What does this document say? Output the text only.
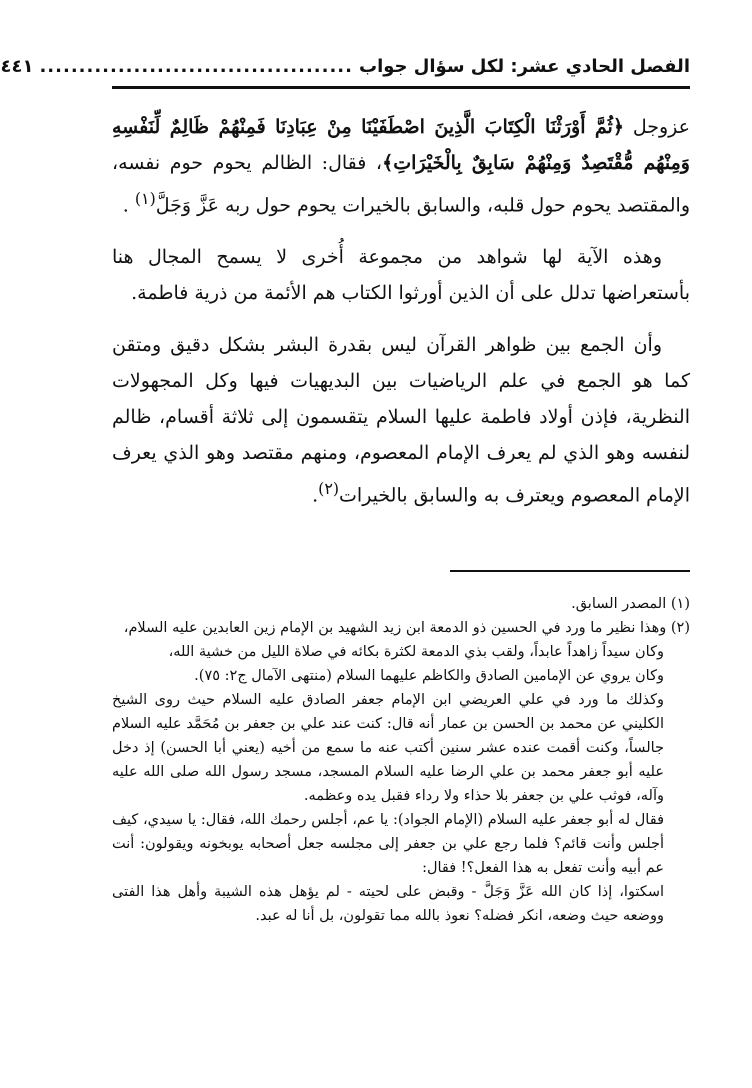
الفصل الحادي عشر: لكل سؤال جواب
........................................
٤٤١

عزوجل ﴿ثُمَّ أَوْرَثْنَا الْكِتَابَ الَّذِينَ اصْطَفَيْنَا مِنْ عِبَادِنَا فَمِنْهُمْ ظَالِمٌ لِّنَفْسِهِ وَمِنْهُم مُّقْتَصِدٌ وَمِنْهُمْ سَابِقٌ بِالْخَيْرَاتِ﴾، فقال: الظالم يحوم حوم نفسه، والمقتصد يحوم حول قلبه، والسابق بالخيرات يحوم حول ربه عَزَّ وَجَلَّ$^{(١)}$ .

وهذه الآية لها شواهد من مجموعة أُخرى لا يسمح المجال هنا بأستعراضها تدلل على أن الذين أورثوا الكتاب هم الأئمة من ذرية فاطمة.

وأن الجمع بين ظواهر القرآن ليس بقدرة البشر بشكل دقيق ومتقن كما هو الجمع في علم الرياضيات بين البديهيات فيها وكل المجهولات النظرية، فإذن أولاد فاطمة عليها السلام يتقسمون إلى ثلاثة أقسام، ظالم لنفسه وهو الذي لم يعرف الإمام المعصوم، ومنهم مقتصد وهو الذي يعرف الإمام المعصوم ويعترف به والسابق بالخيرات$^{(٢)}$.

(١) المصدر السابق.

(٢) وهذا نظير ما ورد في الحسين ذو الدمعة ابن زيد الشهيد بن الإمام زين العابدين عليه السلام،

وكان سيداً زاهداً عابداً، ولقب بذي الدمعة لكثرة بكائه في صلاة الليل من خشية الله،

وكان يروي عن الإمامين الصادق والكاظم عليهما السلام (منتهى الآمال ج٢: ٧٥).

وكذلك ما ورد في علي العريضي ابن الإمام جعفر الصادق عليه السلام حيث روى الشيخ الكليني عن محمد بن الحسن بن عمار أنه قال: كنت عند علي بن جعفر بن مُحَمَّد عليه السلام جالساً، وكنت أقمت عنده عشر سنين أكتب عنه ما سمع من أخيه (يعني أبا الحسن) إذ دخل عليه أبو جعفر محمد بن علي الرضا عليه السلام المسجد، مسجد رسول الله صلى الله عليه وآله، فوثب علي بن جعفر بلا حذاء ولا رداء فقبل يده وعظمه.

فقال له أبو جعفر عليه السلام (الإمام الجواد): يا عم، أجلس رحمك الله، فقال: يا سيدي، كيف أجلس وأنت قائم؟ فلما رجع علي بن جعفر إلى مجلسه جعل أصحابه يوبخونه ويقولون: أنت عم أبيه وأنت تفعل به هذا الفعل؟! فقال:

اسكتوا، إذا كان الله عَزَّ وَجَلَّ - وقبض على لحيته - لم يؤهل هذه الشيبة وأهل هذا الفتى ووضعه حيث وضعه، انكر فضله؟ نعوذ بالله مما تقولون، بل أنا له عبد.
